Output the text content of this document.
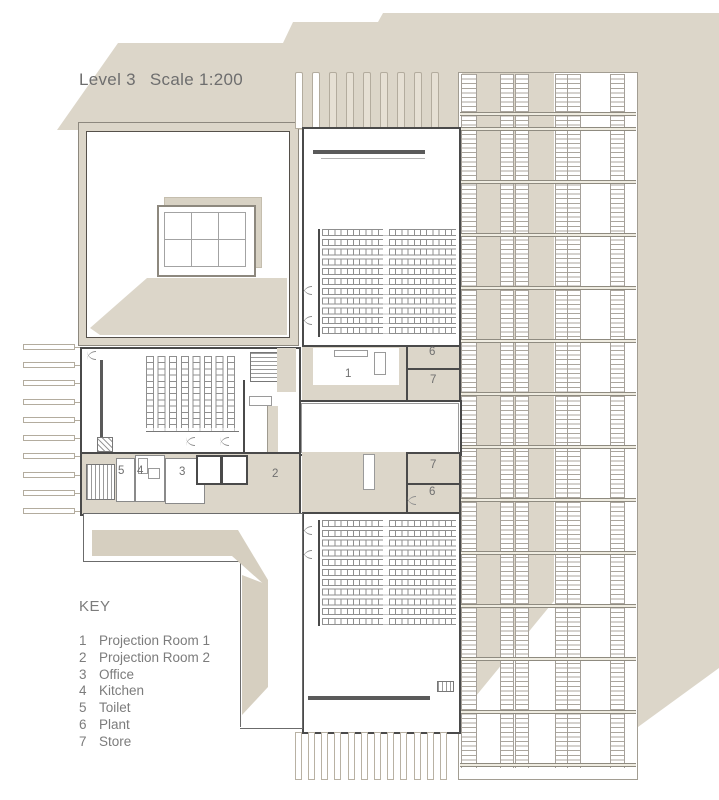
Level 3 Scale 1:200
1
6
7
7
6
2
5 4	3
KEY
1 Projection Room 1
2 Projection Room 2
3 Office
4 Kitchen
5 Toilet
6 Plant
7 Store
